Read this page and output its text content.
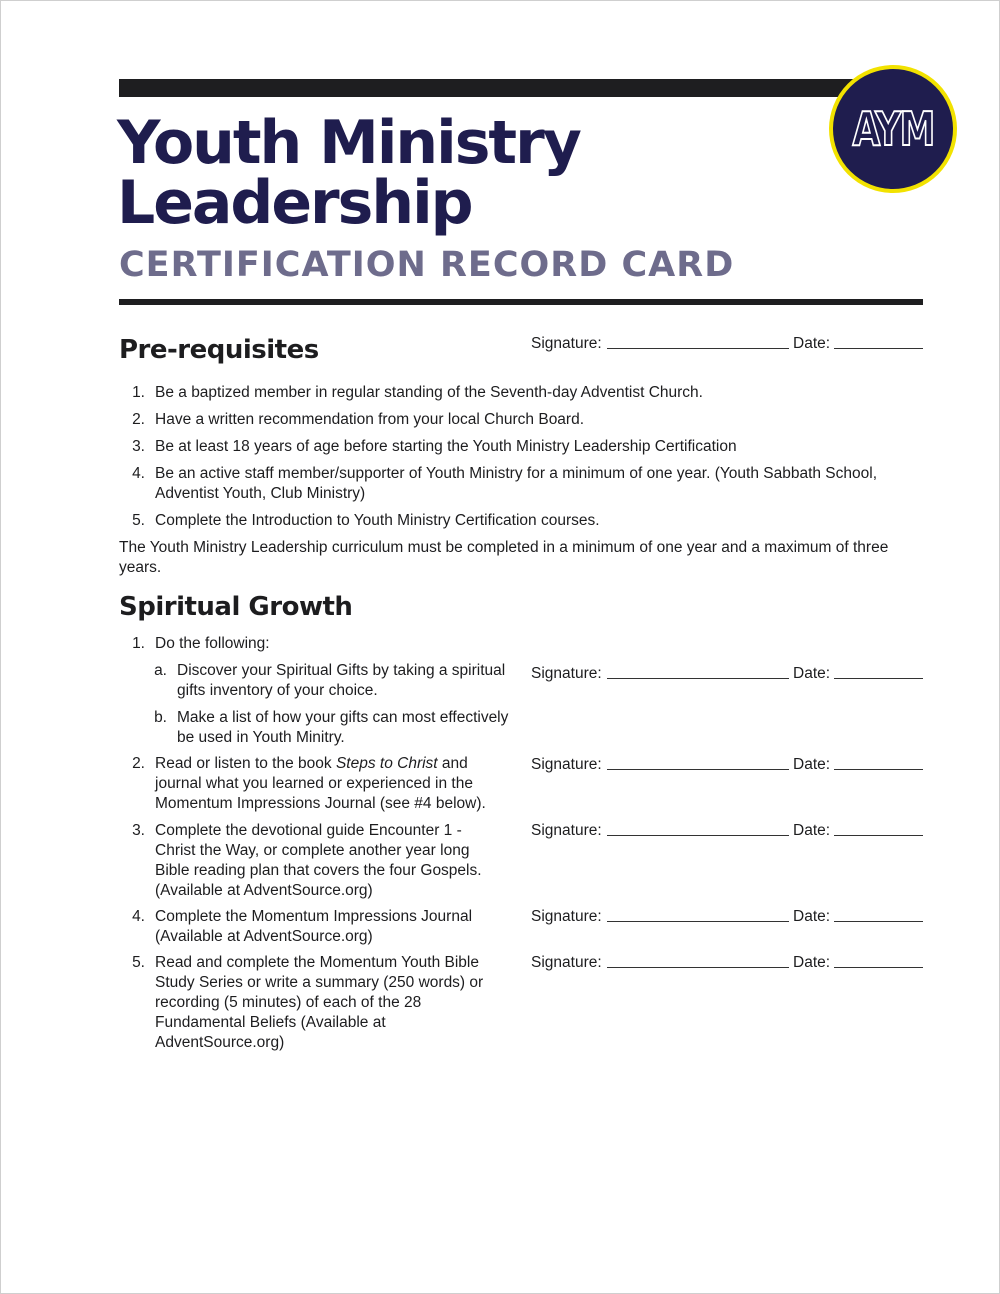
AYM
Youth Ministry
Leadership
CERTIFICATION RECORD CARD
Pre-requisites	Signature:	Date:
1. Be a baptized member in regular standing of the Seventh-day Adventist Church.
2. Have a written recommendation from your local Church Board.
3. Be at least 18 years of age before starting the Youth Ministry Leadership Certification
4. Be an active staff member/supporter of Youth Ministry for a minimum of one year. (Youth Sabbath School, Adventist Youth, Club Ministry)
5. Complete the Introduction to Youth Ministry Certification courses.
The Youth Ministry Leadership curriculum must be completed in a minimum of one year and a maximum of three years.
Spiritual Growth
1. Do the following:
a. Discover your Spiritual Gifts by taking a spiritual gifts inventory of your choice.
Signature:	Date:
b. Make a list of how your gifts can most effectively be used in Youth Minitry.
2. Read or listen to the book Steps to Christ and journal what you learned or experienced in the Momentum Impressions Journal (see #4 below).
Signature:	Date:
3. Complete the devotional guide Encounter 1 - Christ the Way, or complete another year long Bible reading plan that covers the four Gospels. (Available at AdventSource.org)
Signature:	Date:
4. Complete the Momentum Impressions Journal (Available at AdventSource.org)
Signature:	Date:
5. Read and complete the Momentum Youth Bible Study Series or write a summary (250 words) or recording (5 minutes) of each of the 28 Fundamental Beliefs (Available at AdventSource.org)
Signature:	Date:
